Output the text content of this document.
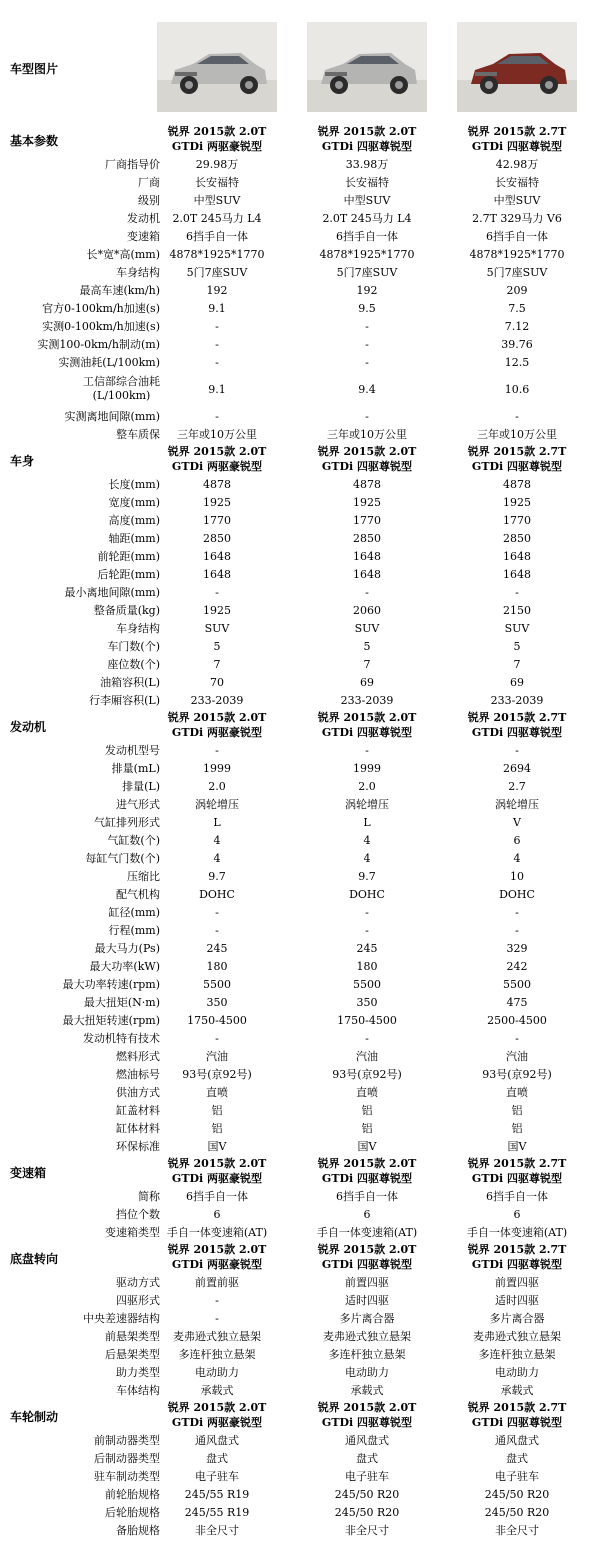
车型图片
基本参数
锐界 2015款 2.0T
GTDi 两驱豪锐型
锐界 2015款 2.0T
GTDi 四驱尊锐型
锐界 2015款 2.7T
GTDi 四驱尊锐型
厂商指导价	29.98万	33.98万	42.98万
厂商	长安福特	长安福特	长安福特
级别	中型SUV	中型SUV	中型SUV
发动机	2.0T 245马力 L4	2.0T 245马力 L4	2.7T 329马力 V6
变速箱	6挡手自一体	6挡手自一体	6挡手自一体
长*宽*高(mm) 4878*1925*1770	4878*1925*1770	4878*1925*1770
车身结构	5门7座SUV	5门7座SUV	5门7座SUV
最高车速(km/h)	192	192	209
官方0-100km/h加速(s)	9.1	9.5	7.5
实测0-100km/h加速(s)	-	-	7.12
实测100-0km/h制动(m)	-	-	39.76
实测油耗(L/100km)	-	-	12.5
工信部综合油耗
(L/100km)	9.1	9.4	10.6
实测离地间隙(mm)	-	-	-
整车质保	三年或10万公里	三年或10万公里	三年或10万公里
车身
锐界 2015款 2.0T
GTDi 两驱豪锐型
锐界 2015款 2.0T
GTDi 四驱尊锐型
锐界 2015款 2.7T
GTDi 四驱尊锐型
长度(mm)	4878	4878	4878
宽度(mm)	1925	1925	1925
高度(mm)	1770	1770	1770
轴距(mm)	2850	2850	2850
前轮距(mm)	1648	1648	1648
后轮距(mm)	1648	1648	1648
最小离地间隙(mm)	-	-	-
整备质量(kg)	1925	2060	2150
车身结构	SUV	SUV	SUV
车门数(个)	5	5	5
座位数(个)	7	7	7
油箱容积(L)	70	69	69
行李厢容积(L)	233-2039	233-2039	233-2039
发动机
锐界 2015款 2.0T
GTDi 两驱豪锐型
锐界 2015款 2.0T
GTDi 四驱尊锐型
锐界 2015款 2.7T
GTDi 四驱尊锐型
发动机型号	-	-	-
排量(mL)	1999	1999	2694
排量(L)	2.0	2.0	2.7
进气形式	涡轮增压	涡轮增压	涡轮增压
气缸排列形式	L	L	V
气缸数(个)	4	4	6
每缸气门数(个)	4	4	4
压缩比	9.7	9.7	10
配气机构	DOHC	DOHC	DOHC
缸径(mm)	-	-	-
行程(mm)	-	-	-
最大马力(Ps)	245	245	329
最大功率(kW)	180	180	242
最大功率转速(rpm)	5500	5500	5500
最大扭矩(N·m)	350	350	475
最大扭矩转速(rpm)	1750-4500	1750-4500	2500-4500
发动机特有技术	-	-	-
燃料形式	汽油	汽油	汽油
燃油标号	93号(京92号)	93号(京92号)	93号(京92号)
供油方式	直喷	直喷	直喷
缸盖材料	铝	铝	铝
缸体材料	铝	铝	铝
环保标准	国V	国V	国V
变速箱
锐界 2015款 2.0T
GTDi 两驱豪锐型
锐界 2015款 2.0T
GTDi 四驱尊锐型
锐界 2015款 2.7T
GTDi 四驱尊锐型
简称	6挡手自一体	6挡手自一体	6挡手自一体
挡位个数	6	6	6
变速箱类型 手自一体变速箱(AT)	手自一体变速箱(AT)	手自一体变速箱(AT)
底盘转向
锐界 2015款 2.0T
GTDi 两驱豪锐型
锐界 2015款 2.0T
GTDi 四驱尊锐型
锐界 2015款 2.7T
GTDi 四驱尊锐型
驱动方式	前置前驱	前置四驱	前置四驱
四驱形式	-	适时四驱	适时四驱
中央差速器结构	-	多片离合器	多片离合器
前悬架类型	麦弗逊式独立悬架	麦弗逊式独立悬架	麦弗逊式独立悬架
后悬架类型	多连杆独立悬架	多连杆独立悬架	多连杆独立悬架
助力类型	电动助力	电动助力	电动助力
车体结构	承载式	承载式	承载式
车轮制动
锐界 2015款 2.0T
GTDi 两驱豪锐型
锐界 2015款 2.0T
GTDi 四驱尊锐型
锐界 2015款 2.7T
GTDi 四驱尊锐型
前制动器类型	通风盘式	通风盘式	通风盘式
后制动器类型	盘式	盘式	盘式
驻车制动类型	电子驻车	电子驻车	电子驻车
前轮胎规格	245/55 R19	245/50 R20	245/50 R20
后轮胎规格	245/55 R19	245/50 R20	245/50 R20
备胎规格	非全尺寸	非全尺寸	非全尺寸
